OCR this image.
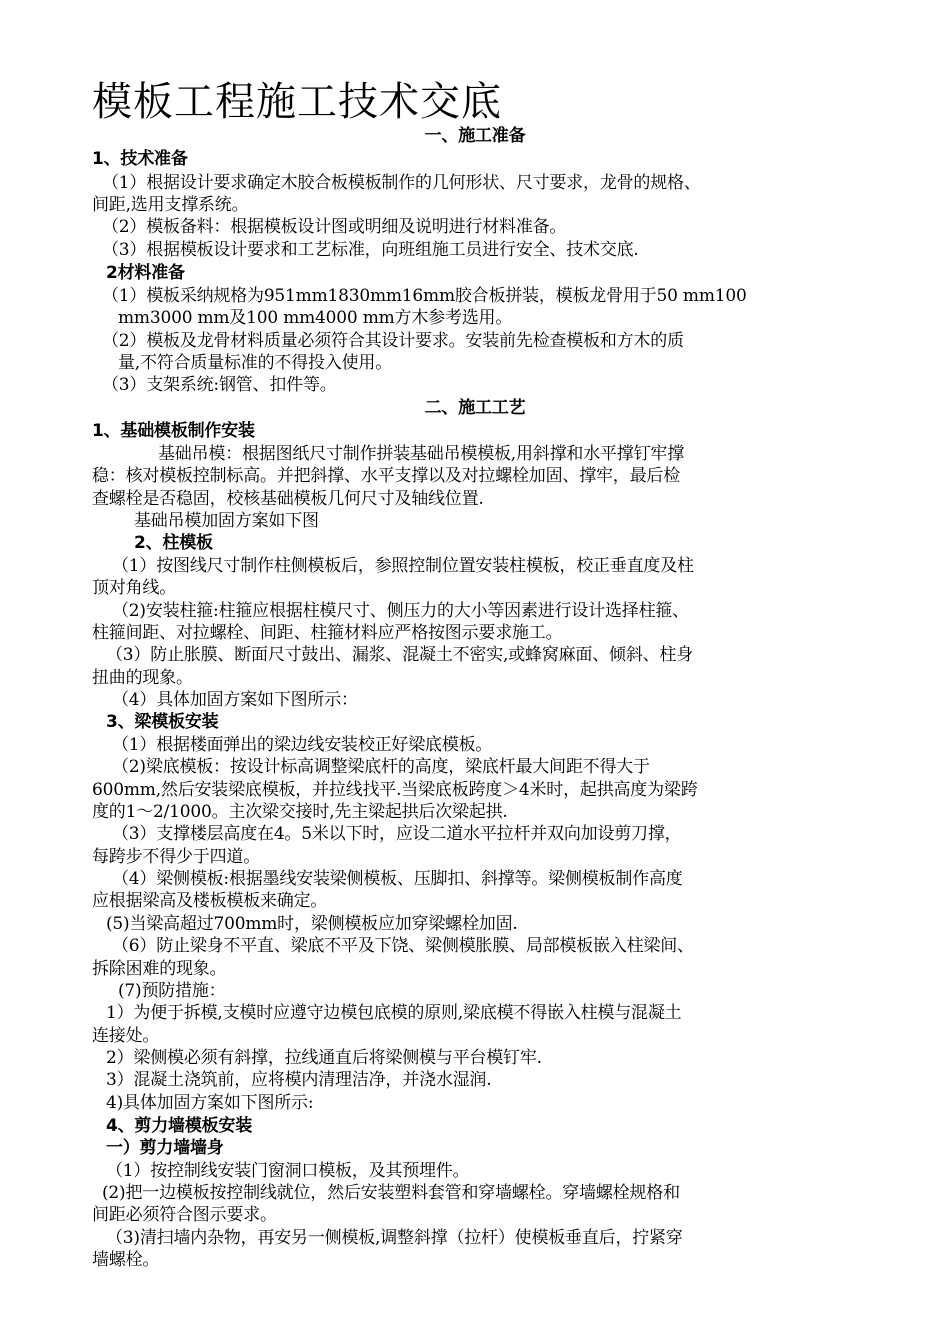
模板工程施工技术交底

一、施工准备

1、技术准备

（1）根据设计要求确定木胶合板模板制作的几何形状、尺寸要求，龙骨的规格、

间距,选用支撑系统。

（2）模板备料：根据模板设计图或明细及说明进行材料准备。

（3）根据模板设计要求和工艺标准，向班组施工员进行安全、技术交底.

2材料准备

（1）模板采纳规格为951mm1830mm16mm胶合板拼装，模板龙骨用于50 mm100

mm3000 mm及100 mm4000 mm方木参考选用。

（2）模板及龙骨材料质量必须符合其设计要求。安装前先检查模板和方木的质

量,不符合质量标准的不得投入使用。

（3）支架系统:钢管、扣件等。

二、施工工艺

1、基础模板制作安装

基础吊模：根据图纸尺寸制作拼装基础吊模模板,用斜撑和水平撑钉牢撑

稳：核对模板控制标高。并把斜撑、水平支撑以及对拉螺栓加固、撑牢，最后检

查螺栓是否稳固，校核基础模板几何尺寸及轴线位置.

基础吊模加固方案如下图

2、柱模板

（1）按图线尺寸制作柱侧模板后，参照控制位置安装柱模板，校正垂直度及柱

顶对角线。

（2)安装柱箍:柱箍应根据柱模尺寸、侧压力的大小等因素进行设计选择柱箍、

柱箍间距、对拉螺栓、间距、柱箍材料应严格按图示要求施工。

（3）防止胀膜、断面尺寸鼓出、漏浆、混凝土不密实,或蜂窝麻面、倾斜、柱身

扭曲的现象。

（4）具体加固方案如下图所示：

3、梁模板安装

（1）根据楼面弹出的梁边线安装校正好梁底模板。

（2)梁底模板：按设计标高调整梁底杆的高度，梁底杆最大间距不得大于

600mm,然后安装梁底模板，并拉线找平.当梁底板跨度＞4米时，起拱高度为梁跨

度的1～2/1000。主次梁交接时,先主梁起拱后次梁起拱.

（3）支撑楼层高度在4。5米以下时，应设二道水平拉杆并双向加设剪刀撑，

每跨步不得少于四道。

（4）梁侧模板:根据墨线安装梁侧模板、压脚扣、斜撑等。梁侧模板制作高度

应根据梁高及楼板模板来确定。

(5)当梁高超过700mm时，梁侧模板应加穿梁螺栓加固.

（6）防止梁身不平直、梁底不平及下饶、梁侧模胀膜、局部模板嵌入柱梁间、

拆除困难的现象。

(7)预防措施：

1）为便于拆模,支模时应遵守边模包底模的原则,梁底模不得嵌入柱模与混凝土

连接处。

2）梁侧模必须有斜撑，拉线通直后将梁侧模与平台模钉牢.

3）混凝土浇筑前，应将模内清理洁净，并浇水湿润.

4)具体加固方案如下图所示:

4、剪力墙模板安装

一）剪力墙墙身

（1）按控制线安装门窗洞口模板，及其预埋件。

(2)把一边模板按控制线就位，然后安装塑料套管和穿墙螺栓。穿墙螺栓规格和

间距必须符合图示要求。

（3)清扫墙内杂物，再安另一侧模板,调整斜撑（拉杆）使模板垂直后，拧紧穿

墙螺栓。
